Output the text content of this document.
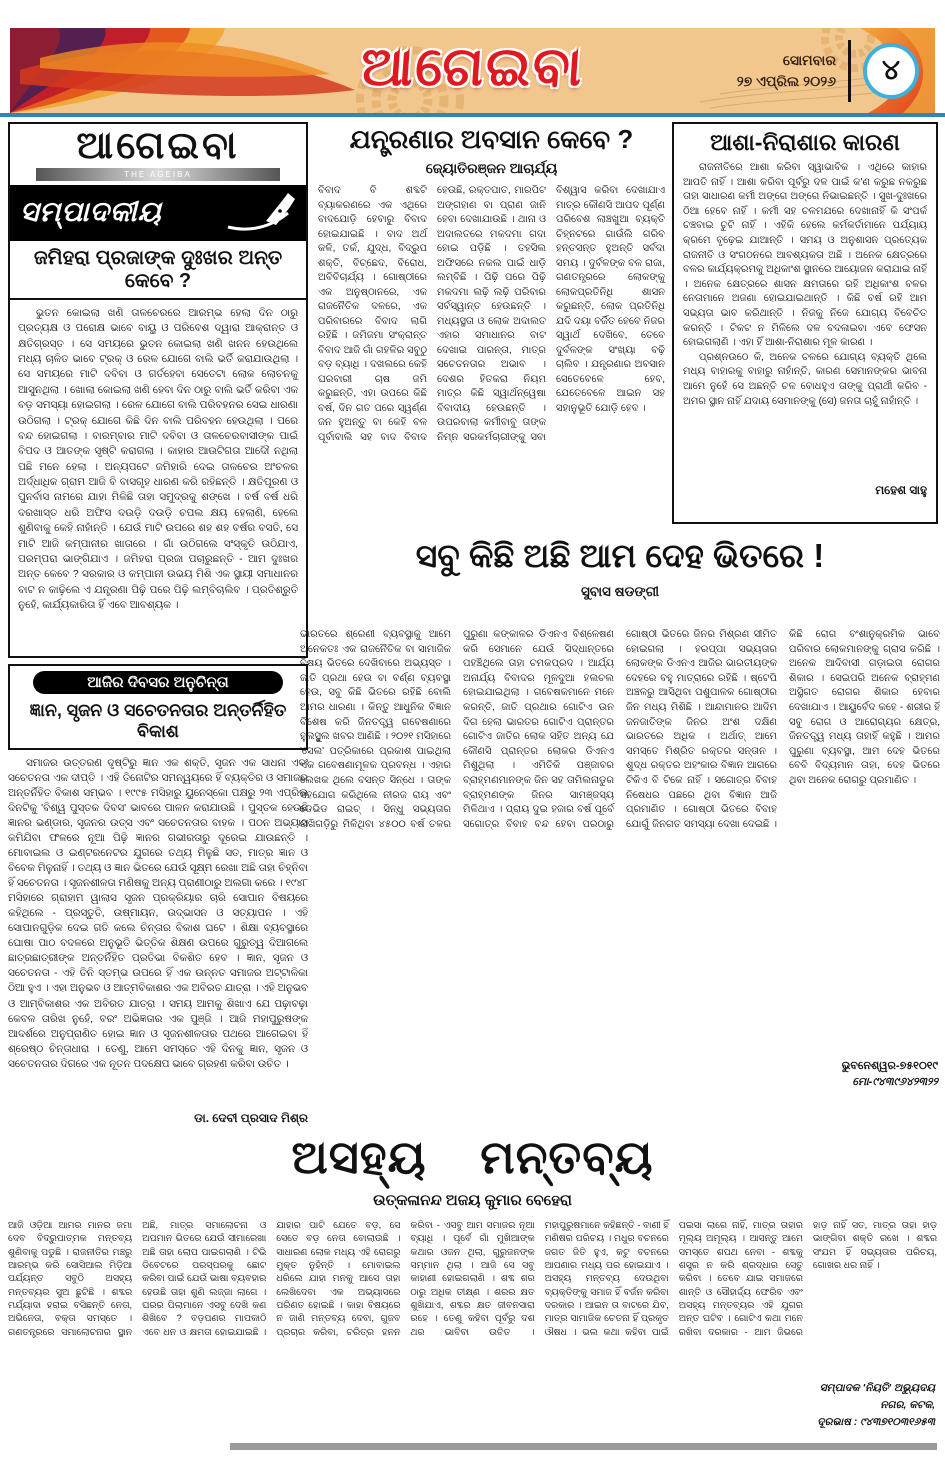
ଆଗେଇବା	ସୋମବାର
୨୭ ଏପ୍ରିଲ ୨୦୨୬ ୪
ଆଗେଇବା
THE AGEIBA
ସମ୍ପାଦକୀୟ
ଜମିହରା ପ୍ରଜାଙ୍କ ଦୁଃଖର ଅନ୍ତ କେବେ ?
ଭୁତନ କୋଇଲା ଖଣି ତାଳଚେରରେ ଆରମ୍ଭ ହେଲା ଦିନ ଠାରୁ ପ୍ରତ୍ୟକ୍ଷ ଓ ପରୋକ୍ଷ ଭାବେ ବାୟୁ ଓ ପରିବେଶ ଦ୍ୱାରା ଆକ୍ରାନ୍ତ ଓ କ୍ଷତିଗ୍ରସ୍ତ । ସେ ସମୟରେ ଭୁତନ କୋଇଲା ଖଣି ଖନନ ହେଉଥିଲେ ମଧ୍ୟ ଚାଳିତ ଭାବେ ଟ୍ରକ୍ ଓ ରେଳ ଯୋଗେ ବାଲି ଭର୍ତି କରାଯାଉଥିଲା । ସେ ସମୟରେ ମାଟି ଦବିବା ଓ ଗର୍ତହେବା ସେତେଟା ଲୋକ ଲୋଚନକୁ ଆସୁନଥିଲା । ଖୋଲା କୋଇଲା ଖଣି ହେବା ଦିନ ଠାରୁ ବାଲି ଭର୍ତି କରିବା ଏକ ବଡ଼ ସମସ୍ୟା ହୋଇଗଲା । ରେଳ ଯୋଗେ ବାଲି ପରିବହନର ସେଇ ଧାରଣା ଉଠିଗଲା । ଟ୍ରକ୍ ଯୋଗେ କିଛି ଦିନ ବାଲି ପରିବହନ ହେଉଥିଲା । ପରେ ବନ୍ଦ ହୋଇଗଲା । ବାରମ୍ବାର ମାଟି ଦବିବା ଓ ତାଳଚେରବାସୀଙ୍କ ପାଇଁ ବିପଦ ଓ ଆତଙ୍କ ସୃଷ୍ଟି କରାଗଲା । କାହାର ଆଉଟିଗତା ଆଦୌ ନଥିଲା ପଛି ମନେ ହେଲା । ଅନ୍ୟପଟେ ଜମିହାରି ଦେଇ ତାଳଚେର ଅଂଚଳର ଅର୍ଦ୍ଧାଧିକ ଗ୍ରାମ ଆଜି ବି ବାସଗୃହ ଧାରଣ କରି ରହିଛନ୍ତି । କ୍ଷତିପୂରଣ ଓ ପୁନର୍ବାସ ନାମରେ ଯାହା ମିଳିଛି ତାହା ସମୁଦ୍ରକୁ ଶଙ୍ଖେ । ବର୍ଷ ବର୍ଷ ଧରି ଦରଖାସ୍ତ ଧରି ଅଫିସ ଦଉଡ଼ି ଦଉଡ଼ି ଚପଲ କ୍ଷୟ ହେଲାଣି, ହେଲେ ଶୁଣିବାକୁ କେହି ନାହାଁନ୍ତି । ଯେଉଁ ମାଟି ଉପରେ ଶହ ଶହ ବର୍ଷର ବସତି, ସେ ମାଟି ଆଜି କମ୍ପାନୀର ଖାତାରେ । ଗାଁ ଉଠିଗଲେ ସଂସ୍କୃତି ଉଠିଯାଏ, ପରମ୍ପରା ଭାଙ୍ଗିଯାଏ । ଜମିହରା ପ୍ରଜା ପଚାରୁଛନ୍ତି - ଆମ ଦୁଃଖର ଅନ୍ତ କେବେ ? ସରକାର ଓ କମ୍ପାନୀ ଉଭୟ ମିଶି ଏକ ସ୍ଥାୟୀ ସମାଧାନର ବାଟ ନ କାଢ଼ିଲେ ଏ ଯନ୍ତ୍ରଣା ପିଢ଼ି ପରେ ପିଢ଼ି ଲମ୍ବିଚାଲିବ । ପ୍ରତିଶ୍ରୁତି ନୁହେଁ, କାର୍ଯ୍ୟକାରିତା ହିଁ ଏବେ ଆବଶ୍ୟକ ।
ଯନ୍ତ୍ରଣାର ଅବସାନ କେବେ ?
ଜ୍ୟୋତିରଞ୍ଜନ ଆଚାର୍ଯ୍ୟ
ବିବାଦ ବି ଶବ୍ଦଟି ବ୍ୟାକରଣରେ ଏକ ଏଥିରେ ବାଦଯୋଡ଼ି ହେବାରୁ ବିବାଦ ହୋଇଯାଇଛି । ବାଦ ଅର୍ଥ କଳି, ତର୍କ, ଯୁଦ୍ଧ, ବିଦ୍ରୁପ ଶକ୍ତି, ବିଚ୍ଛେଦ, ବିରୋଧ, ଅବିବିଚାର୍ଯ୍ୟ । ଗୋଷ୍ଠୀରେ ଏକ ଅନୁଷ୍ଠାନରେ, ଏକ ରାଜନୈତିକ ଦଳରେ, ଏକ ପରିବାରରେ ବିବାଦ ଲାଗି ରହିଛି । ଜମିଜମା ସଂକ୍ରାନ୍ତ ବିବାଦ ଆଜି ଗାଁ ଗହଳିର ସବୁଠୁ ବଡ଼ ବ୍ୟାଧି । ଦଖଲରେ କେହି ଘରବାରୀ ଚାଷ ଜମି କରୁଛନ୍ତି, ଏହା ଉପରେ କିଛି ବର୍ଷ, ଦିନ ଗତ ପରେ ସ୍ୱର୍ଣ୍ଣ ଜନ ହୁଅନ୍ତୁ ବା କେହି ବଳ ପୂର୍ବାବାଲି ସହ ବାଦ ବିବାଦ ହେଉଛି, ରକ୍ତପାତ, ମାରପିଟ ଅଙ୍ଗହାଣ ବା ପ୍ରାଣ ଜାନି ହେବା ଦେଖାଯାଉଛି । ଥାନା ଓ ଅଦାଲତରେ ମକଦମା ଗଦା ହୋଇ ପଡ଼ିଛି । ତହସିଲ ଅଫିସରେ ନକଲ ପାଇଁ ଧାଡ଼ି ଲମ୍ବିଛି । ପିଢ଼ି ପରେ ପିଢ଼ି ମକଦମା ଲଢ଼ି ଲଢ଼ି ପରିବାର ସର୍ବସ୍ୱାନ୍ତ ହେଉଛନ୍ତି । ମଧ୍ୟସ୍ଥତା ଓ ଲୋକ ଅଦାଲତ ଏହାର ସମାଧାନର ବାଟ ଦେଖାଇ ପାରନ୍ତା, ମାତ୍ର ସଚେତନତାର ଅଭାବ । ଦେଶର ହିତକରା ନିୟମ ମାତ୍ର କିଛି ସ୍ୱାର୍ଥନ୍ୱେଷା ବିବାଦୀୟ ହେଉଛନ୍ତି । ଉପରବାଲା କର୍ମୀବାବୁ ତାଙ୍କ ନିମ୍ନ ସରକର୍ମଚାରୀଙ୍କୁ ସବା ବିଶ୍ୱାସ କରିବା ଦେଖାଯାଏ ମାତ୍ର କୌଣସି ଆପଦ ପୂର୍ଣ୍ଣ ପରିବେଶ ଲାଞ୍ଚଖୁଆ ବ୍ୟକ୍ତି ଚିହ୍ନଟରେ ଗାଉଁଲି ଗରିବ ହନ୍ତସନ୍ତ ହୁଅନ୍ତି ସର୍ବଦା ସମୟ । ଦୁର୍ବଳଙ୍କ ବଳ ରାଜା, ଗଣତନ୍ତ୍ରରେ ଲୋକଙ୍କୁ ଲୋକପ୍ରତିନିଧି ଶାସନ କରୁଛନ୍ତି, ଲୋକ ପ୍ରତିନିଧି ଯଦି ଦୟା ବର୍ଜିତ ହେବେ ନିଜର ସ୍ୱାର୍ଥ ଦେଖିବେ, ତେବେ ଦୁର୍ବଳଙ୍କ ସଂଖ୍ୟା ବଢ଼ି ଚାଲିବ । ଯନ୍ତ୍ରଣାର ଅବସାନ ସେତେବେଳେ ହେବ, ଯେତେବେଳେ ଆଇନ ସହ ସହାନୁଭୂତି ଯୋଡ଼ି ହେବ ।
ଆଶା-ନିରାଶାର କାରଣ

ରାଜନୀତିରେ ଆଶା କରିବା ସ୍ୱାଭାବିକ । ଏଥିରେ କାହାର ଆପତି ନାହିଁ । ଆଶା କରିବା ପୂର୍ବରୁ ଦଳ ପାଇଁ କ'ଣ କରୁଛ ନକରୁଛ ତାହା ସାଧାରଣ କର୍ମୀ ଅଙ୍ଗେ ଅଙ୍ଗେ ନିଭାଇଛନ୍ତି । ସୁଖ-ଦୁଃଖରେ ଠିଆ ହେବେ ନାହିଁ । କର୍ମୀ ସହ ଚଳମଯରେ ଦେଖାନାହିଁ କି ସଂପର୍କ ଚଞ୍ଚବାଇ ଚୁଟି ନାହିଁ । ଏହିକି ହେଲେ କର୍ମକର୍ତାମାନେ ପର୍ଯ୍ୟାୟ କ୍ରମେ ବୃଢ଼େଇ ଯାଆନ୍ତି । ସମୟ ଓ ଅନୁଶାସନ ପ୍ରତ୍ୟେକ ରାଜନୀତି ଓ ସଂଗଠନରେ ଆବଶ୍ୟକତା ଅଛି । ଅନେକ କ୍ଷେତ୍ରରେ ବଳର କାର୍ଯ୍ୟକ୍ରମକୁ ଅଧିକାଂଶ ସ୍ଥାନରେ ଆୟୋଜନ କରାଯାଇ ନାହିଁ । ଅନେକ କ୍ଷେତ୍ରରେ ଶାସନ କ୍ଷମତାରେ ରହି ଅଧିକାଂଶ ବଳର ନେତାମାନେ ଅଜଣା ହୋଇଯାଇଥାନ୍ତି । କିଛି ବର୍ଷ ରହି ଆମ ସଭ୍ୟତା ଭାବ କରିଥାନ୍ତି । ନିଜକୁ ନିଜେ ଯୋଗ୍ୟ ବିବେଚିତ କରନ୍ତି । ଟିକଟ ନ ମିଳିଲେ ଦଳ ବଦଳାଇବା ଏବେ ଫେସନ ହୋଇଗଲାଣି । ଏହା ହିଁ ଆଶା-ନିରାଶାର ମୂଳ କାରଣ ।

ପ୍ରଶ୍ନଉଠେ କି, ଅନେକ ଚଳରେ ଯୋଗ୍ୟ ବ୍ୟକ୍ତି ଥିଲେ ମଧ୍ୟ ବାହାରକୁ ବାହାରୁ ନାହାଁନ୍ତି, କାରଣ ସେମାନଙ୍କର ଭାବନା ଆମେ ନୁହେଁ ସେ ଅଛନ୍ତି ଚଳ ବୋଧହୁଏ ତାଙ୍କୁ ପ୍ରାର୍ଥୀ କରିବ - ଅମର ସ୍ଥାନ ନାହିଁ ଯଦାୟ ସେମାନଙ୍କୁ (ସେ) ଜନତା ଚାହୁଁ ନାହାଁନ୍ତି ।

ମହେଶ ସାହୁ
ସବୁ କିଛି ଅଛି ଆମ ଦେହ ଭିତରେ !
ସୁବାସ ଷଡଙ୍ଗୀ
ଭାରତରେ ଶ୍ରେଣୀ ବ୍ୟବସ୍ଥାକୁ ଆମେ ଅନେକତଃ ଏକ ରାଜନୈତିକ ବା ସାମାଜିକ ବିଷୟ ଭିତରେ ଦେଖିବାରେ ଅଭ୍ୟସ୍ତ । ଜାତି ପ୍ରଥା ହେଉ ବା ବର୍ଣ୍ଣ ବ୍ୟବସ୍ଥା ହେଉ, ସବୁ କିଛି ଭିତରେ ରହିଛି ବୋଲି ଆମର ଧାରଣା । କିନ୍ତୁ ଆଧୁନିକ ବିଜ୍ଞାନ ବିଶେଷ କରି ଜିନତତ୍ତ୍ୱ ଗବେଷଣାରେ ହୁଲସ୍ଥୁଲ ଖବର ଆଣିଛି । ୨୦୨୧ ମସିହାରେ 'ସେଲ' ପତ୍ରିକାରେ ପ୍ରକାଶ ପାଇଥିଲା ଏକ ଗବେଷଣାମୂଳକ ପ୍ରବନ୍ଧ । ଏହାର ଲେଖକ ଥିଲେ ବସନ୍ତ ସିନ୍ଧେ । ତାଙ୍କ ସହଯୋଗ କରିଥିଲେ ନୀରଜ ରାୟ ଏବଂ ଡେଭିଡ ରାଇଚ୍ । ସିନ୍ଧୁ ସଭ୍ୟତାର ରାଖିଗଡ଼ିରୁ ମିଳିଥିବା ୪୫୦୦ ବର୍ଷ ତଳର ପୁରୁଣା କଙ୍କାଳର ଡିଏନଏ ବିଶ୍ଳେଷଣ କରି ସେମାନେ ଯେଉଁ ସିଦ୍ଧାନ୍ତରେ ପହଞ୍ଚିଥିଲେ ତାହା ଚମକପ୍ରଦ । ଆର୍ଯ୍ୟ ଅନାର୍ଯ୍ୟ ବିବାଦର ମୂଳଦୁଆ ହଲଚଲ ହୋଇଯାଇଥିଲା । ଗବେଷକମାନେ ମନେ କରନ୍ତି, ଜାତି ପ୍ରଥାର ଗୋଟିଏ ଉନ ଦିଗ ହେଲା ଭାରତର ଗୋଟିଏ ପ୍ରାନ୍ତର ଗୋଟିଏ ଜାତିର ଲୋକ ସହିତ ଅନ୍ୟ ଯେ କୌଣସି ପ୍ରାନ୍ତର ଲୋକର ଡିଏନଏ ମିଶୁଥିଲା । ଏମିତିକି ପଞ୍ଜାବର ବ୍ରାହ୍ମଣମାନଙ୍କ ଜିନ ସହ ତାମିଲନାଡୁର ବ୍ରାହ୍ମଣଙ୍କ ଜିନର ସାମଞ୍ଜସ୍ୟ ମିଳିଥାଏ । ପ୍ରାୟ ଦୁଇ ହଜାର ବର୍ଷ ପୂର୍ବେ ସଗୋତ୍ର ବିବାହ ବନ୍ଦ ହେବା ପରଠାରୁ ଗୋଷ୍ଠୀ ଭିତରେ ଜିନର ମିଶ୍ରଣ ସୀମିତ ହୋଇଗଲା । ହରପ୍ପା ସଭ୍ୟତାର ଲୋକଙ୍କ ଡିଏନଏ ଆଜିର ଭାରତୀୟଙ୍କ ଦେହରେ ବହୁ ମାତ୍ରାରେ ରହିଛି । ଷ୍ଟେପି ଅଞ୍ଚଳରୁ ଆସିଥିବା ପଶୁପାଳକ ଗୋଷ୍ଠୀର ଜିନ ମଧ୍ୟ ମିଶିଛି । ଆନ୍ଦାମାନର ଆଦିମ ଜନଜାତିଙ୍କ ଜିନର ଅଂଶ ଦକ୍ଷିଣ ଭାରତରେ ଅଧିକ । ଅର୍ଥାତ୍ ଆମେ ସମସ୍ତେ ମିଶ୍ରିତ ରକ୍ତର ସନ୍ତାନ । ଶୁଦ୍ଧ ରକ୍ତର ଅହଂକାର ବିଜ୍ଞାନ ଆଗରେ ଟିକିଏ ବି ଟିକେ ନାହିଁ । ସଗୋତ୍ର ବିବାହ ନିଷେଧର ପଛରେ ଥିବା ବିଜ୍ଞାନ ଆଜି ପ୍ରମାଣିତ । ଗୋଷ୍ଠୀ ଭିତରେ ବିବାହ ଯୋଗୁଁ ଜିନଗତ ସମସ୍ୟା ଦେଖା ଦେଇଛି । କିଛି ରୋଗ ବଂଶାନୁକ୍ରମିକ ଭାବେ ପରିବାର ଲୋକମାନଙ୍କୁ ଗ୍ରାସ କରିଛି । ଅନେକ ଆଦିବାସୀ ଗଡ଼ାଇତା ରୋଗର ଶିକାର । ସେଇପରି ଅନେକ ବ୍ରାହ୍ମଣ ଅସ୍ଥିଗତ ରୋଗର ଶିକାର ହେବାର ଦେଖାଯାଏ । ଆୟୁର୍ବେଦ କହେ - ଶରୀର ହିଁ ସବୁ ରୋଗ ଓ ଆରୋଗ୍ୟର କ୍ଷେତ୍ର, ଜିନତତ୍ତ୍ୱ ମଧ୍ୟ ତାହାହିଁ କହୁଛି । ଆମର ପୁରୁଣା ବ୍ୟବସ୍ଥା, ଆମ ଦେହ ଭିତରେ ବେବି ବିଦ୍ୟମାନ ତାହା, ଦେହ ଭିତରେ ଥିବା ଅନେକ ରୋଗରୁ ପ୍ରମାଣିତ ।
ଭୁବନେଶ୍ୱର-୭୫୧୦୧୯
ମୋ-୯୪୩୯୬୪୨୩୨୨
ଆଜିର ଦିବସର ଅନୁଚିନ୍ତା
ଜ୍ଞାନ, ସୃଜନ ଓ ସଚେତନତାର ଅନ୍ତର୍ନିହିତ ବିକାଶ
ସମାଜର ଉତ୍ତରଣ ଦୃଷ୍ଟିରୁ ଜ୍ଞାନ ଏକ ଶକ୍ତି, ସୃଜନ ଏକ ସାଧନା ଏବଂ ସଚେତନତା ଏକ ଦୀପ୍ତି । ଏହି ତିନୋଟିର ସମନ୍ୱୟରେ ହିଁ ବ୍ୟକ୍ତିର ଓ ସମାଜର ଅନ୍ତର୍ନିହିତ ବିକାଶ ସମ୍ଭବ । ୧୯୯୫ ମସିହାରୁ ୟୁନେସ୍କୋ ପକ୍ଷରୁ ୨୩ ଏପ୍ରିଲ ଦିନଟିକୁ 'ବିଶ୍ୱ ପୁସ୍ତକ ଦିବସ' ଭାବରେ ପାଳନ କରାଯାଉଛି । ପୁସ୍ତକ ହେଉଛି ଜ୍ଞାନର ଭଣ୍ଡାର, ସୃଜନର ଉତ୍ସ ଏବଂ ସଚେତନତାର ବାହକ । ପଠନ ଅଭ୍ୟାସ କମିଯିବା ଫଳରେ ନୂଆ ପିଢ଼ି ଜ୍ଞାନର ଗଭୀରତାରୁ ଦୂରେଇ ଯାଉଛନ୍ତି । ମୋବାଇଲ ଓ ଇଣ୍ଟରନେଟର ଯୁଗରେ ତଥ୍ୟ ମିଳୁଛି ସତ, ମାତ୍ର ଜ୍ଞାନ ଓ ବିବେକ ମିଳୁନାହିଁ । ତଥ୍ୟ ଓ ଜ୍ଞାନ ଭିତରେ ଯେଉଁ ସୂକ୍ଷ୍ମ ରେଖା ଅଛି ତାହା ଚିହ୍ନିବା ହିଁ ସଚେତନତା । ସୃଜନଶୀଳତା ମଣିଷକୁ ଅନ୍ୟ ପ୍ରାଣୀଠାରୁ ଅଲଗା କରେ । ୧୯୪୮ ମସିହାରେ ଗ୍ରାହାମ ୱାଲାସ ସୃଜନ ପ୍ରକ୍ରିୟାର ଚାରି ସୋପାନ ବିଷୟରେ କହିଥିଲେ - ପ୍ରସ୍ତୁତି, ଉଷ୍ମାୟନ, ଉଦ୍ଭାସନ ଓ ସତ୍ୟାପନ । ଏହି ସୋପାନଗୁଡ଼ିକ ଦେଇ ଗତି କଲେ ଚିନ୍ତାର ବିକାଶ ଘଟେ । ଶିକ୍ଷା ବ୍ୟବସ୍ଥାରେ ଘୋଷା ପାଠ ବଦଳରେ ଅନୁଭୂତି ଭିତ୍ତିକ ଶିକ୍ଷଣ ଉପରେ ଗୁରୁତ୍ୱ ଦିଆଗଲେ ଛାତ୍ରଛାତ୍ରୀଙ୍କ ଅନ୍ତର୍ନିହିତ ପ୍ରତିଭା ବିକଶିତ ହେବ । ଜ୍ଞାନ, ସୃଜନ ଓ ସଚେତନତା - ଏହି ତିନି ସ୍ତମ୍ଭ ଉପରେ ହିଁ ଏକ ଉନ୍ନତ ସମାଜର ଅଟ୍ଟାଳିକା ଠିଆ ହୁଏ । ଏହା ଅନୁଭବ ଓ ଆତ୍ମବିକାଶର ଏକ ଅବିରତ ଯାତ୍ରା । ଏହି ଅନୁଭବ ଓ ଆମ୍ବିକାଶର ଏକ ଅବିରତ ଯାତ୍ରା । ସମୟ ଆମକୁ ଶିଖାଏ ଯେ ପଢ଼ାବଢ଼ା କେବଳ ତାରିଖ ନୁହେଁ, ବରଂ ଅଭିଜ୍ଞତାର ଏକ ପୁଞ୍ଜି । ଆଜି ମହାପୁରୁଷଙ୍କ ଆଦର୍ଶରେ ଅନୁପ୍ରାଣିତ ହୋଇ ଜ୍ଞାନ ଓ ସୃଜନଶୀଳତାର ପଥରେ ଆଗେଇବା ହିଁ ଶ୍ରେଷ୍ଠ ଚିନ୍ତାଧାରା । ତେଣୁ, ଆମେ ସମସ୍ତେ ଏହି ଦିନକୁ ଜ୍ଞାନ, ସୃଜନ ଓ ସଚେତନତାର ଦିଗରେ ଏକ ନୂତନ ପଦକ୍ଷେପ ଭାବେ ଗ୍ରହଣ କରିବା ଉଚିତ ।
ଡା. ଦେବୀ ପ୍ରସାଦ ମିଶ୍ର
ଅସହ୍ୟ ମନ୍ତବ୍ୟ
ଉତ୍କଳାନନ୍ଦ ଅଜୟ କୁମାର ବେହେରା
ଆଜି ଓଡ଼ିଆ ଆମର ମାନର ଜମା ଦେବ ବିଦ୍ରୁପାତ୍ମକ ମନ୍ତବ୍ୟ ଶୁଣିବାକୁ ପଡୁଛି । ରାଜନୀତିର ମଞ୍ଚରୁ ଆରମ୍ଭ କରି ସୋସିଆଲ ମିଡ଼ିଆ ପର୍ଯ୍ୟନ୍ତ ସବୁଠି ଅସହ୍ୟ ମନ୍ତବ୍ୟର ସୁଅ ଛୁଟିଛି । ଶବ୍ଦର ମର୍ଯ୍ୟାଦା ହରାଇ ବସିଛନ୍ତି ନେତା, ଅଭିନେତା, ବକ୍ତା ସମସ୍ତେ । ଗଣତନ୍ତ୍ରରେ ସମାଲୋଚନାର ସ୍ଥାନ ଅଛି, ମାତ୍ର ସମାଲୋଚନା ଓ ଅପମାନ ଭିତରେ ଯେଉଁ ସୀମାରେଖା ଅଛି ତାହା ଲୋପ ପାଇଗଲାଣି । ଟିଭି ଡିବେଟରେ ପରସ୍ପରକୁ ଛୋଟ କରିବା ପାଇଁ ଯେଉଁ ଭାଷା ବ୍ୟବହାର ହେଉଛି ତାହା ଶୁଣି ଲଜ୍ଜା ଲାଗେ । ଘରର ପିଲାମାନେ ଏସବୁ ଦେଖି କଣ ଶିଖିବେ ? ବଡ଼ପଣର ମାପକାଠି ଏବେ ଧନ ଓ କ୍ଷମତା ହୋଇଯାଇଛି । ଯାହାର ପାଟି ଯେତେ ବଡ଼, ସେ ସେତେ ବଡ଼ ନେତା ବୋଲାଉଛି । ସାଧାରଣ ଲୋକ ମଧ୍ୟ ଏହି ରୋଗରୁ ମୁକ୍ତ ନୁହଁନ୍ତି । ମୋବାଇଲ ଧରିଲେ ଯାହା ମନକୁ ଆସେ ତାହା ଲେଖିଦେବା ଏକ ଅଭ୍ୟାସରେ ପରିଣତ ହୋଇଛି । କାହା ବିଷୟରେ ନ ଜାଣି ମନ୍ତବ୍ୟ ଦେବା, ଗୁଜବ ପ୍ରଚାର କରିବା, ଚରିତ୍ର ହନନ କରିବା - ଏସବୁ ଆମ ସମାଜର ନୂଆ ବ୍ୟାଧି । ପୂର୍ବେ ଗାଁ ମୁଖିଆଙ୍କ କଥାର ଓଜନ ଥିଲା, ଗୁରୁଜନଙ୍କ ସମ୍ମାନ ଥିଲା । ଆଜି ସେ ସବୁ କାହାଣୀ ହୋଇଗଲାଣି । ଶବ୍ଦ ଶର ଠାରୁ ଅଧିକ ତୀକ୍ଷ୍ଣ । ଶରର କ୍ଷତ ଶୁଖିଯାଏ, ଶବ୍ଦର କ୍ଷତ ଜୀବନସାରା ରହେ । ତେଣୁ କହିବା ପୂର୍ବରୁ ଦଶ ଥର ଭାବିବା ଉଚିତ । ମହାପୁରୁଷମାନେ କହିଛନ୍ତି - ବାଣୀ ହିଁ ମଣିଷର ପରିଚୟ । ମଧୁର ବଚନରେ ଜଗତ ଜିତି ହୁଏ, କଟୁ ବଚନରେ ଆପଣାର ମଧ୍ୟ ପର ହୋଇଯାଏ । ଅସହ୍ୟ ମନ୍ତବ୍ୟ ଦେଉଥିବା ବ୍ୟକ୍ତିଙ୍କୁ ସମାଜ ହିଁ ବର୍ଜନ କରିବା ଦରକାର । ଆଇନ ତା ବାଟରେ ଯିବ, ମାତ୍ର ସାମାଜିକ ଚେତନା ହିଁ ପ୍ରକୃତ ଔଷଧ । ଭଲ କଥା କହିବା ପାଇଁ ପଇସା ଲାଗେ ନାହିଁ, ମାତ୍ର ତାହାର ମୂଲ୍ୟ ଅମୂଲ୍ୟ । ଆସନ୍ତୁ ଆମେ ସମସ୍ତେ ଶପଥ ନେବା - ଶବ୍ଦକୁ ଶସ୍ତ୍ର ନ କରି ଶ୍ରଦ୍ଧାର ସେତୁ କରିବା । ତେବେ ଯାଇ ସମାଜରେ ଶାନ୍ତି ଓ ସୌହାର୍ଦ୍ଦ୍ୟ ଫେରିବ ଏବଂ ଅସହ୍ୟ ମନ୍ତବ୍ୟର ଏହି ଯୁଗର ଅନ୍ତ ଘଟିବ । ଗୋଟିଏ କଥା ମନେ ରଖିବା ଦରକାର - ଆମ ଜିଭରେ ହାଡ଼ ନାହିଁ ସତ, ମାତ୍ର ତାହା ହାଡ଼ ଭାଙ୍ଗିବା ଶକ୍ତି ରଖେ । ଶବ୍ଦର ସଂଯମ ହିଁ ସଭ୍ୟତାର ପରିଚୟ, ଗୋଖର ଧର ନାହିଁ ।
ସମ୍ପାଦକ 'ନିୟତି' ଅଭ୍ୟୁଦୟ
ନଗର, କଟକ,
ଦୂରଭାଷ : ୯୪୩୭୧୦୩୧୬୫୩
